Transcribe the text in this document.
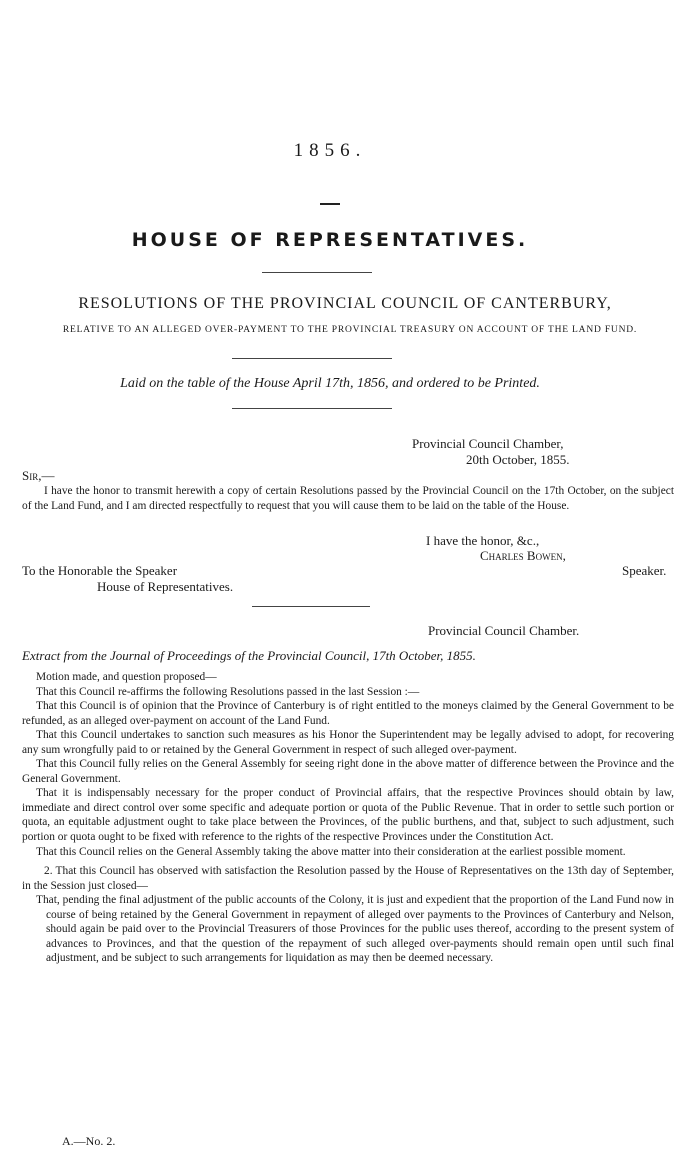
1856.
HOUSE OF REPRESENTATIVES.
RESOLUTIONS OF THE PROVINCIAL COUNCIL OF CANTERBURY,
RELATIVE TO AN ALLEGED OVER-PAYMENT TO THE PROVINCIAL TREASURY ON ACCOUNT OF THE LAND FUND.
Laid on the table of the House April 17th, 1856, and ordered to be Printed.
Provincial Council Chamber,
20th October, 1855.
Sir,—

I have the honor to transmit herewith a copy of certain Resolutions passed by the Provincial Council on the 17th October, on the subject of the Land Fund, and I am directed respectfully to request that you will cause them to be laid on the table of the House.

I have the honor, &c.,
Charles Bowen,
To the Honorable the Speaker	Speaker.
House of Representatives.
Provincial Council Chamber.
Extract from the Journal of Proceedings of the Provincial Council, 17th October, 1855.

Motion made, and question proposed—

That this Council re-affirms the following Resolutions passed in the last Session :—

That this Council is of opinion that the Province of Canterbury is of right entitled to the moneys claimed by the General Government to be refunded, as an alleged over-payment on account of the Land Fund.

That this Council undertakes to sanction such measures as his Honor the Superintendent may be legally advised to adopt, for recovering any sum wrongfully paid to or retained by the General Government in respect of such alleged over-payment.

That this Council fully relies on the General Assembly for seeing right done in the above matter of difference between the Province and the General Government.

That it is indispensably necessary for the proper conduct of Provincial affairs, that the respective Provinces should obtain by law, immediate and direct control over some specific and adequate portion or quota of the Public Revenue. That in order to settle such portion or quota, an equitable adjustment ought to take place between the Provinces, of the public burthens, and that, subject to such adjustment, such portion or quota ought to be fixed with reference to the rights of the respective Provinces under the Constitution Act.

That this Council relies on the General Assembly taking the above matter into their consideration at the earliest possible moment.

2. That this Council has observed with satisfaction the Resolution passed by the House of Representatives on the 13th day of September, in the Session just closed—

That, pending the final adjustment of the public accounts of the Colony, it is just and expedient that the proportion of the Land Fund now in course of being retained by the General Government in repayment of alleged over payments to the Provinces of Canterbury and Nelson, should again be paid over to the Provincial Treasurers of those Provinces for the public uses thereof, according to the present system of advances to Provinces, and that the question of the repayment of such alleged over-payments should remain open until such final adjustment, and be subject to such arrangements for liquidation as may then be deemed necessary.

A.—No. 2.
